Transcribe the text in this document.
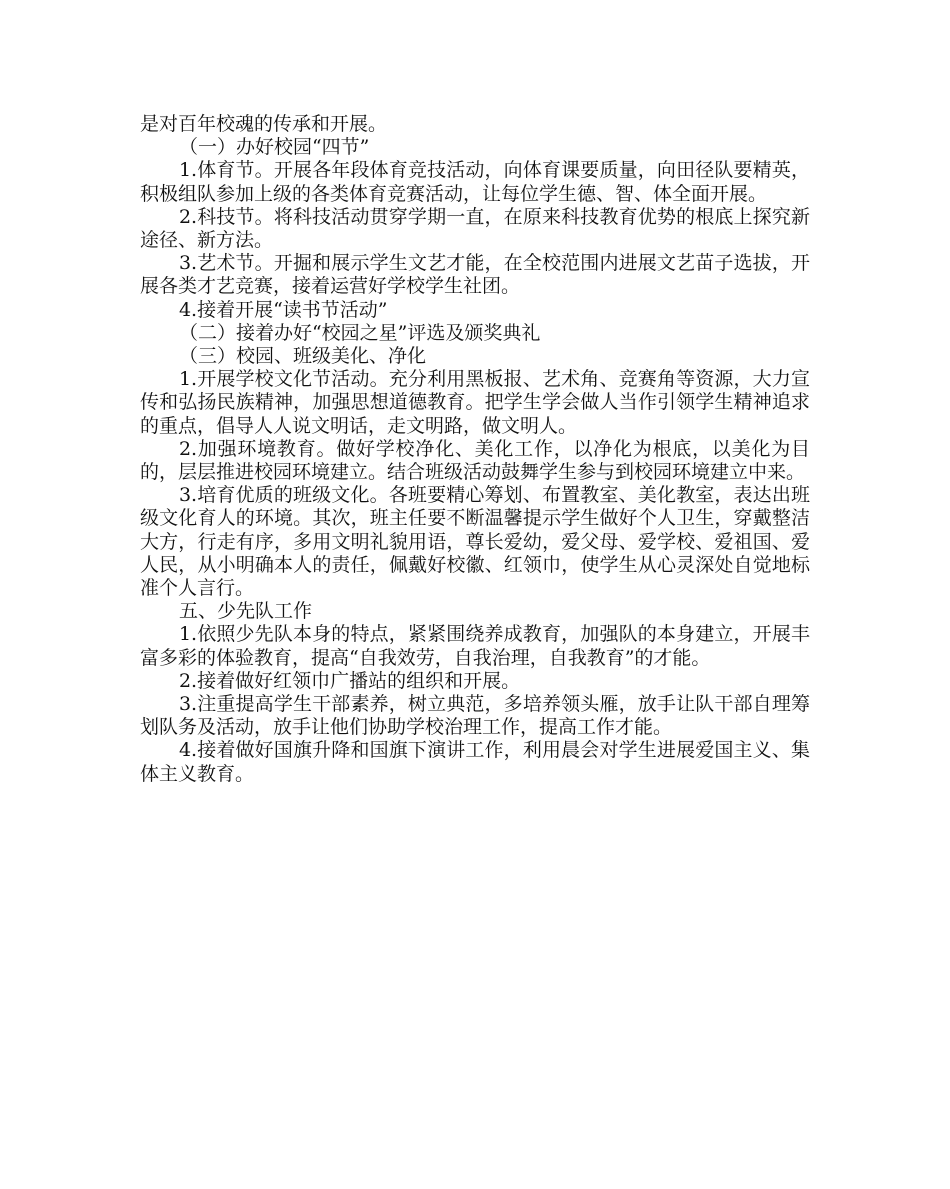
是对百年校魂的传承和开展。

（一）办好校园“四节”

1.体育节。开展各年段体育竞技活动，向体育课要质量，向田径队要精英，积极组队参加上级的各类体育竞赛活动，让每位学生德、智、体全面开展。

2.科技节。将科技活动贯穿学期一直，在原来科技教育优势的根底上探究新途径、新方法。

3.艺术节。开掘和展示学生文艺才能，在全校范围内进展文艺苗子选拔，开展各类才艺竞赛，接着运营好学校学生社团。

4.接着开展“读书节活动”

（二）接着办好“校园之星”评选及颁奖典礼

（三）校园、班级美化、净化

1.开展学校文化节活动。充分利用黑板报、艺术角、竞赛角等资源，大力宣传和弘扬民族精神，加强思想道德教育。把学生学会做人当作引领学生精神追求的重点，倡导人人说文明话，走文明路，做文明人。

2.加强环境教育。做好学校净化、美化工作，以净化为根底，以美化为目的，层层推进校园环境建立。结合班级活动鼓舞学生参与到校园环境建立中来。

3.培育优质的班级文化。各班要精心筹划、布置教室、美化教室，表达出班级文化育人的环境。其次，班主任要不断温馨提示学生做好个人卫生，穿戴整洁大方，行走有序，多用文明礼貌用语，尊长爱幼，爱父母、爱学校、爱祖国、爱人民，从小明确本人的责任，佩戴好校徽、红领巾，使学生从心灵深处自觉地标准个人言行。

五、少先队工作

1.依照少先队本身的特点，紧紧围绕养成教育，加强队的本身建立，开展丰富多彩的体验教育，提高“自我效劳，自我治理，自我教育”的才能。

2.接着做好红领巾广播站的组织和开展。

3.注重提高学生干部素养，树立典范，多培养领头雁，放手让队干部自理筹划队务及活动，放手让他们协助学校治理工作，提高工作才能。

4.接着做好国旗升降和国旗下演讲工作，利用晨会对学生进展爱国主义、集体主义教育。
